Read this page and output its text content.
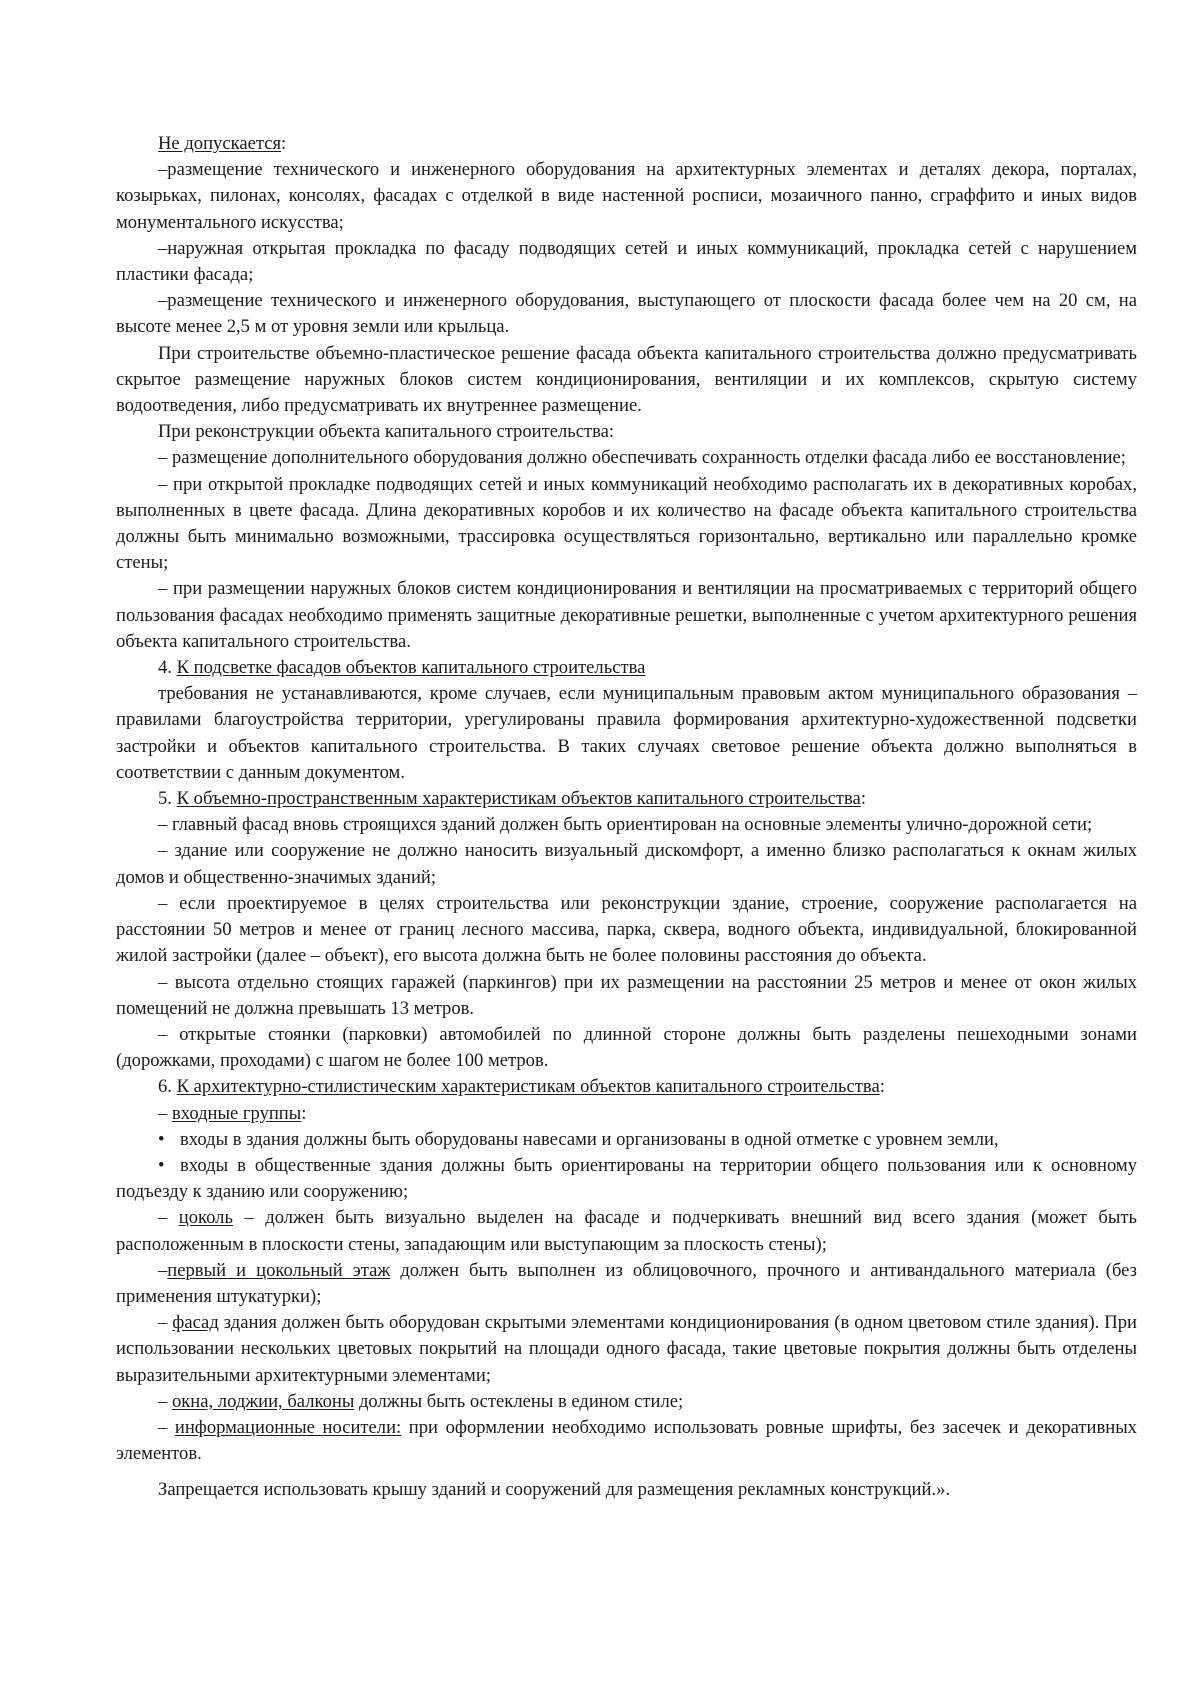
Не допускается:

–размещение технического и инженерного оборудования на архитектурных элементах и деталях декора, порталах, козырьках, пилонах, консолях, фасадах с отделкой в виде настенной росписи, мозаичного панно, сграффито и иных видов монументального искусства;

–наружная открытая прокладка по фасаду подводящих сетей и иных коммуникаций, прокладка сетей с нарушением пластики фасада;

–размещение технического и инженерного оборудования, выступающего от плоскости фасада более чем на 20 см, на высоте менее 2,5 м от уровня земли или крыльца.

При строительстве объемно-пластическое решение фасада объекта капитального строительства должно предусматривать скрытое размещение наружных блоков систем кондиционирования, вентиляции и их комплексов, скрытую систему водоотведения, либо предусматривать их внутреннее размещение.

При реконструкции объекта капитального строительства:

– размещение дополнительного оборудования должно обеспечивать сохранность отделки фасада либо ее восстановление;

– при открытой прокладке подводящих сетей и иных коммуникаций необходимо располагать их в декоративных коробах, выполненных в цвете фасада. Длина декоративных коробов и их количество на фасаде объекта капитального строительства должны быть минимально возможными, трассировка осуществляться горизонтально, вертикально или параллельно кромке стены;

– при размещении наружных блоков систем кондиционирования и вентиляции на просматриваемых с территорий общего пользования фасадах необходимо применять защитные декоративные решетки, выполненные с учетом архитектурного решения объекта капитального строительства.

4. К подсветке фасадов объектов капитального строительства

требования не устанавливаются, кроме случаев, если муниципальным правовым актом муниципального образования – правилами благоустройства территории, урегулированы правила формирования архитектурно-художественной подсветки застройки и объектов капитального строительства. В таких случаях световое решение объекта должно выполняться в соответствии с данным документом.

5. К объемно-пространственным характеристикам объектов капитального строительства:

– главный фасад вновь строящихся зданий должен быть ориентирован на основные элементы улично-дорожной сети;

– здание или сооружение не должно наносить визуальный дискомфорт, а именно близко располагаться к окнам жилых домов и общественно-значимых зданий;

– если проектируемое в целях строительства или реконструкции здание, строение, сооружение располагается на расстоянии 50 метров и менее от границ лесного массива, парка, сквера, водного объекта, индивидуальной, блокированной жилой застройки (далее – объект), его высота должна быть не более половины расстояния до объекта.

– высота отдельно стоящих гаражей (паркингов) при их размещении на расстоянии 25 метров и менее от окон жилых помещений не должна превышать 13 метров.

– открытые стоянки (парковки) автомобилей по длинной стороне должны быть разделены пешеходными зонами (дорожками, проходами) с шагом не более 100 метров.

6. К архитектурно-стилистическим характеристикам объектов капитального строительства:

– входные группы:

• входы в здания должны быть оборудованы навесами и организованы в одной отметке с уровнем земли,

• входы в общественные здания должны быть ориентированы на территории общего пользования или к основному подъезду к зданию или сооружению;

– цоколь – должен быть визуально выделен на фасаде и подчеркивать внешний вид всего здания (может быть расположенным в плоскости стены, западающим или выступающим за плоскость стены);

–первый и цокольный этаж должен быть выполнен из облицовочного, прочного и антивандального материала (без применения штукатурки);

– фасад здания должен быть оборудован скрытыми элементами кондиционирования (в одном цветовом стиле здания). При использовании нескольких цветовых покрытий на площади одного фасада, такие цветовые покрытия должны быть отделены выразительными архитектурными элементами;

– окна, лоджии, балконы должны быть остеклены в едином стиле;

– информационные носители: при оформлении необходимо использовать ровные шрифты, без засечек и декоративных элементов.

Запрещается использовать крышу зданий и сооружений для размещения рекламных конструкций.».
